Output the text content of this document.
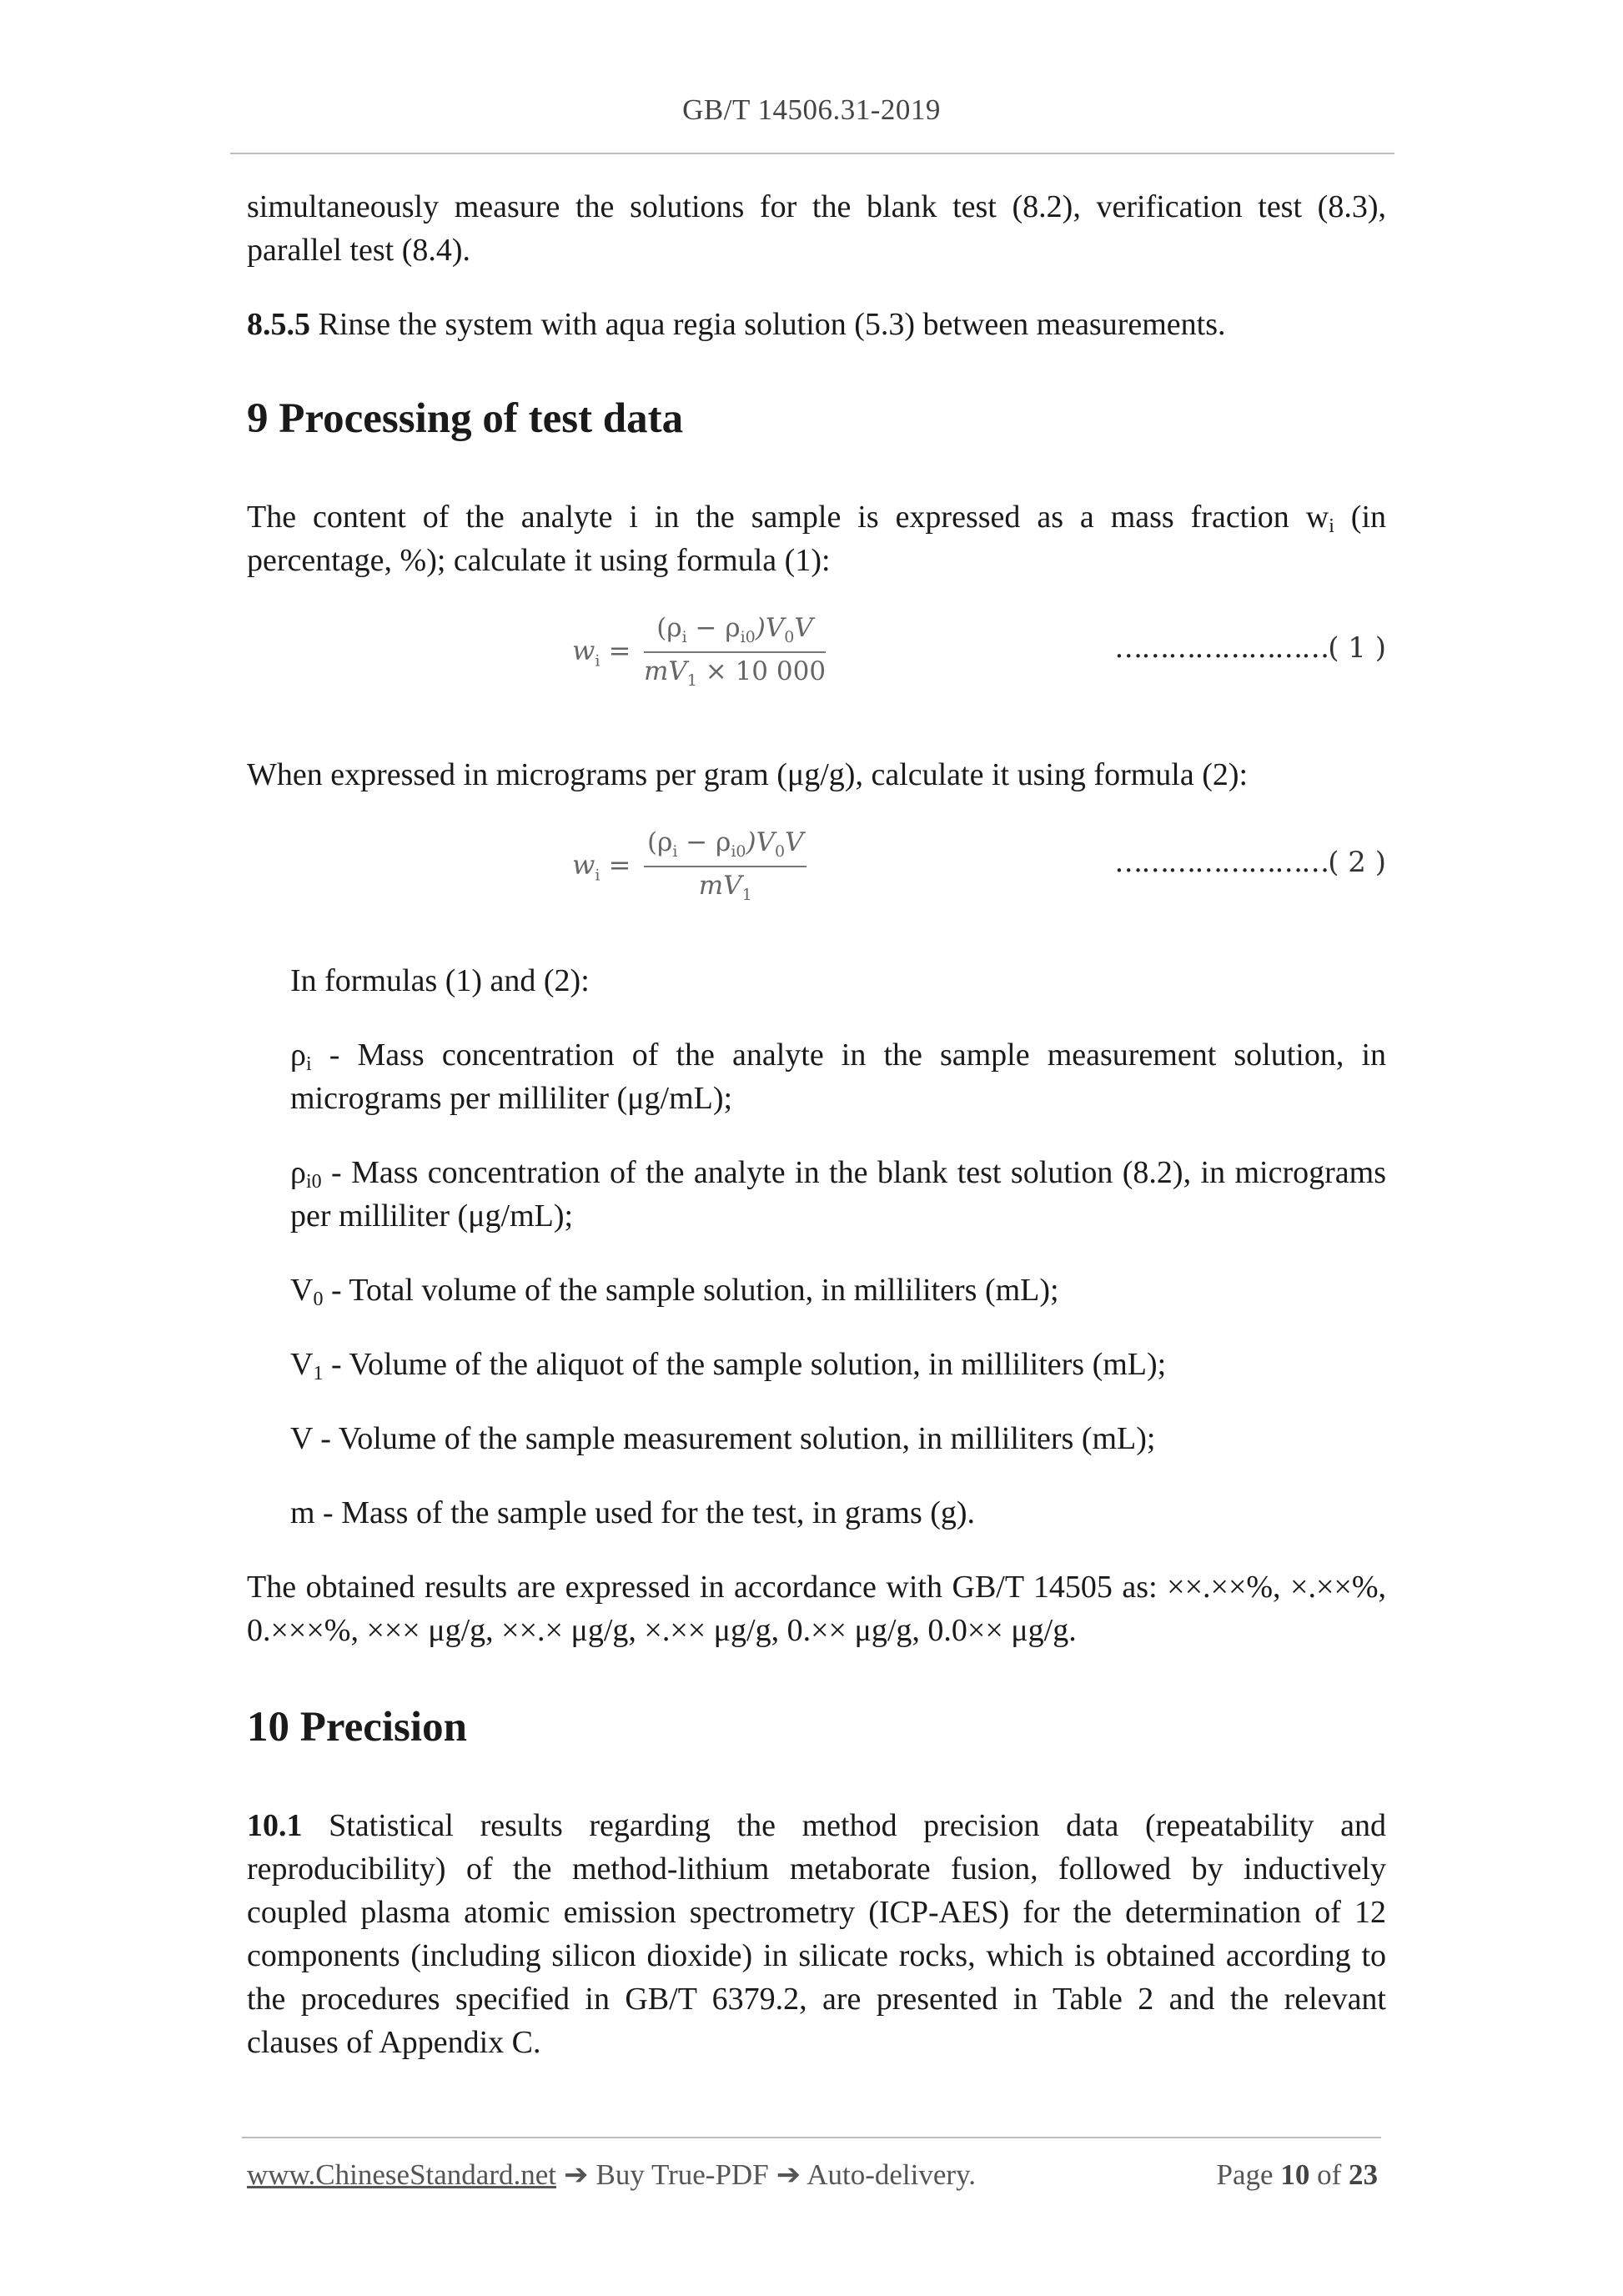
GB/T 14506.31-2019

simultaneously measure the solutions for the blank test (8.2), verification test (8.3), parallel test (8.4).

8.5.5 Rinse the system with aqua regia solution (5.3) between measurements.

9 Processing of test data

The content of the analyte i in the sample is expressed as a mass fraction $w_i$ (in percentage, %); calculate it using formula (1):

$w_i = \frac{(\rho_i - \rho_{i0})V_0V}{mV_1 \times 10 000}$	……………………( 1 )

When expressed in micrograms per gram (μg/g), calculate it using formula (2):

$w_i = \frac{(\rho_i - \rho_{i0})V_0V}{mV_1}$	……………………( 2 )

In formulas (1) and (2):

$\rho_i$ - Mass concentration of the analyte in the sample measurement solution, in micrograms per milliliter (μg/mL);

$\rho_{i0}$ - Mass concentration of the analyte in the blank test solution (8.2), in micrograms per milliliter (μg/mL);

$V_0$ - Total volume of the sample solution, in milliliters (mL);

$V_1$ - Volume of the aliquot of the sample solution, in milliliters (mL);

V - Volume of the sample measurement solution, in milliliters (mL);

m - Mass of the sample used for the test, in grams (g).

The obtained results are expressed in accordance with GB/T 14505 as: ××.××%, ×.××%, 0.×××%, ××× μg/g, ××.× μg/g, ×.×× μg/g, 0.×× μg/g, 0.0×× μg/g.

10 Precision

10.1 Statistical results regarding the method precision data (repeatability and reproducibility) of the method-lithium metaborate fusion, followed by inductively coupled plasma atomic emission spectrometry (ICP-AES) for the determination of 12 components (including silicon dioxide) in silicate rocks, which is obtained according to the procedures specified in GB/T 6379.2, are presented in Table 2 and the relevant clauses of Appendix C.

www.ChineseStandard.net ➔ Buy True-PDF ➔ Auto-delivery.	Page 10 of 23
